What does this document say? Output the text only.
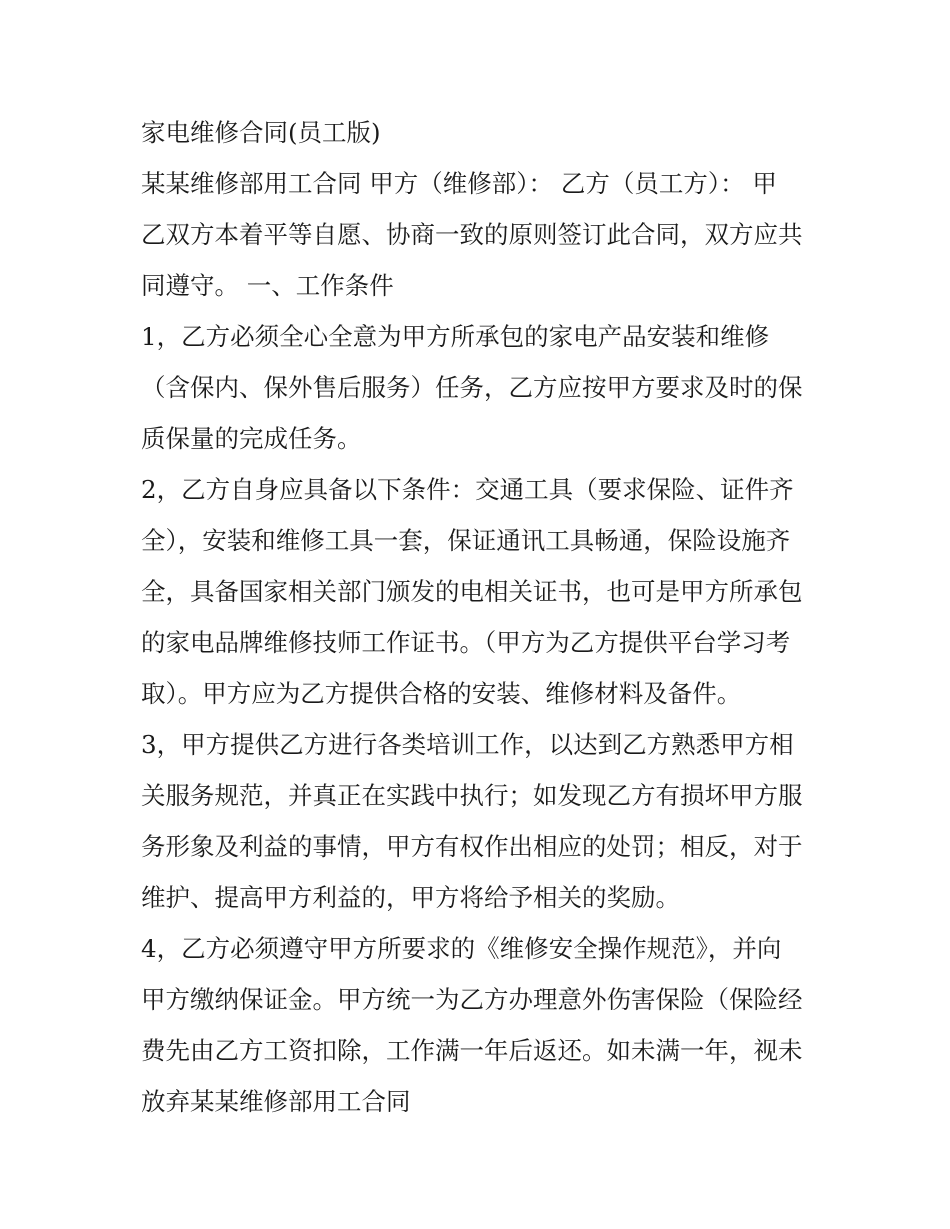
家电维修合同(员工版)
某某维修部用工合同 甲方（维修部）： 乙方（员工方）： 甲
乙双方本着平等自愿、协商一致的原则签订此合同，双方应共
同遵守。 一、工作条件
1，乙方必须全心全意为甲方所承包的家电产品安装和维修
（含保内、保外售后服务）任务，乙方应按甲方要求及时的保
质保量的完成任务。
2，乙方自身应具备以下条件：交通工具（要求保险、证件齐
全），安装和维修工具一套，保证通讯工具畅通，保险设施齐
全，具备国家相关部门颁发的电相关证书，也可是甲方所承包
的家电品牌维修技师工作证书。（甲方为乙方提供平台学习考
取）。甲方应为乙方提供合格的安装、维修材料及备件。
3，甲方提供乙方进行各类培训工作，以达到乙方熟悉甲方相
关服务规范，并真正在实践中执行；如发现乙方有损坏甲方服
务形象及利益的事情，甲方有权作出相应的处罚；相反，对于
维护、提高甲方利益的，甲方将给予相关的奖励。
4，乙方必须遵守甲方所要求的《维修安全操作规范》，并向
甲方缴纳保证金。甲方统一为乙方办理意外伤害保险（保险经
费先由乙方工资扣除，工作满一年后返还。如未满一年，视未
放弃某某维修部用工合同
